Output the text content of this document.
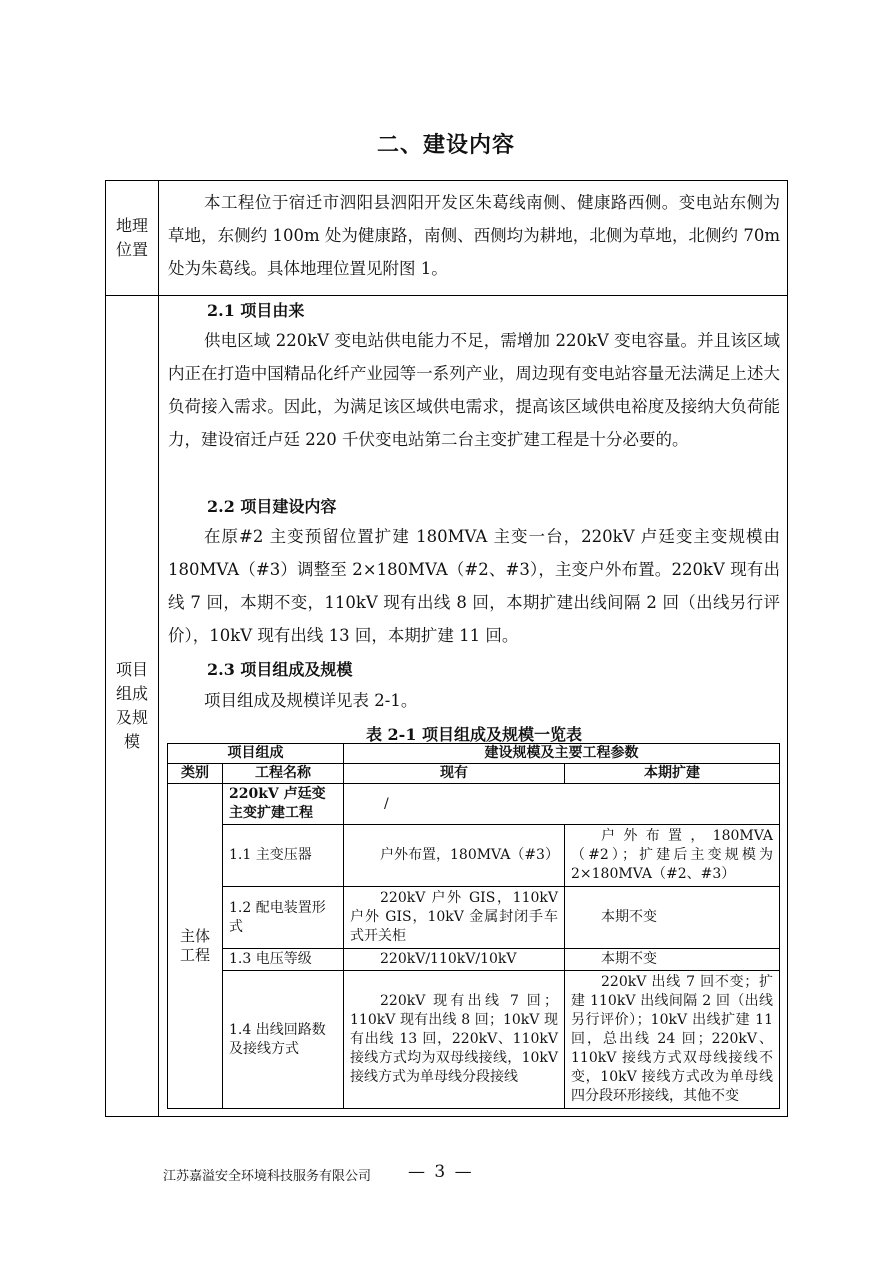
二、建设内容
地理
位置

本工程位于宿迁市泗阳县泗阳开发区朱葛线南侧、健康路西侧。变电站东侧为草地，东侧约 100m 处为健康路，南侧、西侧均为耕地，北侧为草地，北侧约 70m 处为朱葛线。具体地理位置见附图 1。

项目
组成
及规
模
2.1 项目由来

供电区域 220kV 变电站供电能力不足，需增加 220kV 变电容量。并且该区域内正在打造中国精品化纤产业园等一系列产业，周边现有变电站容量无法满足上述大负荷接入需求。因此，为满足该区域供电需求，提高该区域供电裕度及接纳大负荷能力，建设宿迁卢廷 220 千伏变电站第二台主变扩建工程是十分必要的。

2.2 项目建设内容

在原#2 主变预留位置扩建 180MVA 主变一台，220kV 卢廷变主变规模由 180MVA（#3）调整至 2×180MVA（#2、#3），主变户外布置。220kV 现有出线 7 回，本期不变，110kV 现有出线 8 回，本期扩建出线间隔 2 回（出线另行评价），10kV 现有出线 13 回，本期扩建 11 回。

2.3 项目组成及规模

项目组成及规模详见表 2-1。

表 2-1 项目组成及规模一览表
项目组成		建设规模及主要工程参数	
类别	工程名称	现有	本期扩建
主体
工程	220kV 卢廷变主变扩建工程	/	
	1.1 主变压器	户外布置，180MVA（#3）	户外布置，180MVA（#2）；扩建后主变规模为 2×180MVA（#2、#3）
	1.2 配电装置形式	220kV 户外 GIS，110kV 户外 GIS，10kV 金属封闭手车式开关柜	本期不变
	1.3 电压等级	220kV/110kV/10kV	本期不变
	1.4 出线回路数及接线方式	220kV 现有出线 7 回；110kV 现有出线 8 回；10kV 现有出线 13 回，220kV、110kV 接线方式均为双母线接线，10kV 接线方式为单母线分段接线	220kV 出线 7 回不变；扩建 110kV 出线间隔 2 回（出线另行评价）；10kV 出线扩建 11 回，总出线 24 回；220kV、110kV 接线方式双母线接线不变，10kV 接线方式改为单母线四分段环形接线，其他不变
江苏嘉溢安全环境科技服务有限公司 — 3 —
